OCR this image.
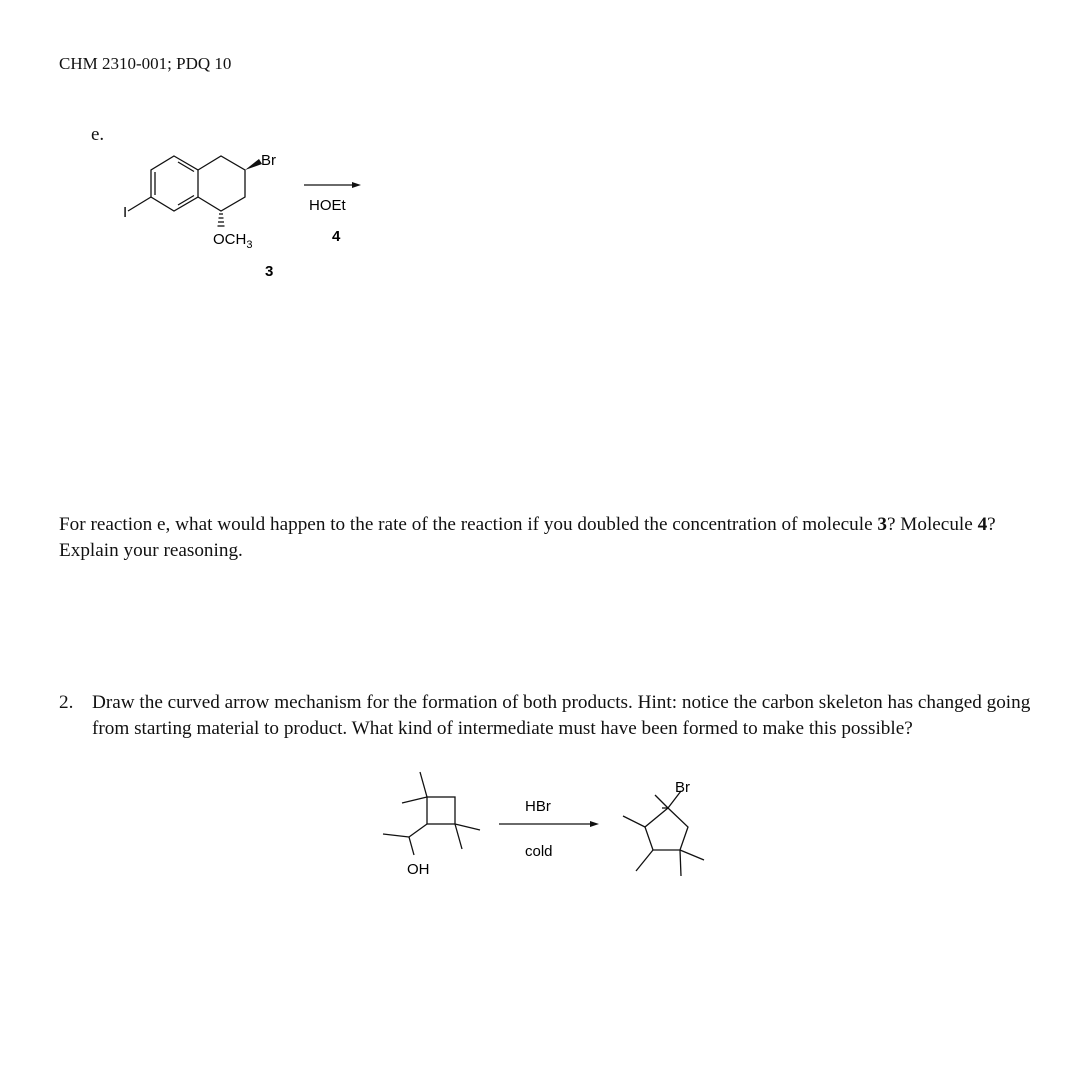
CHM 2310-001; PDQ 10
e.
Br
I
$OCH_3$
3
HOEt
4
For reaction e, what would happen to the rate of the reaction if you doubled the concentration of molecule 3? Molecule 4? Explain your reasoning.
2. Draw the curved arrow mechanism for the formation of both products. Hint: notice the carbon skeleton has changed going from starting material to product. What kind of intermediate must have been formed to make this possible?
OH
HBr
cold
Br
